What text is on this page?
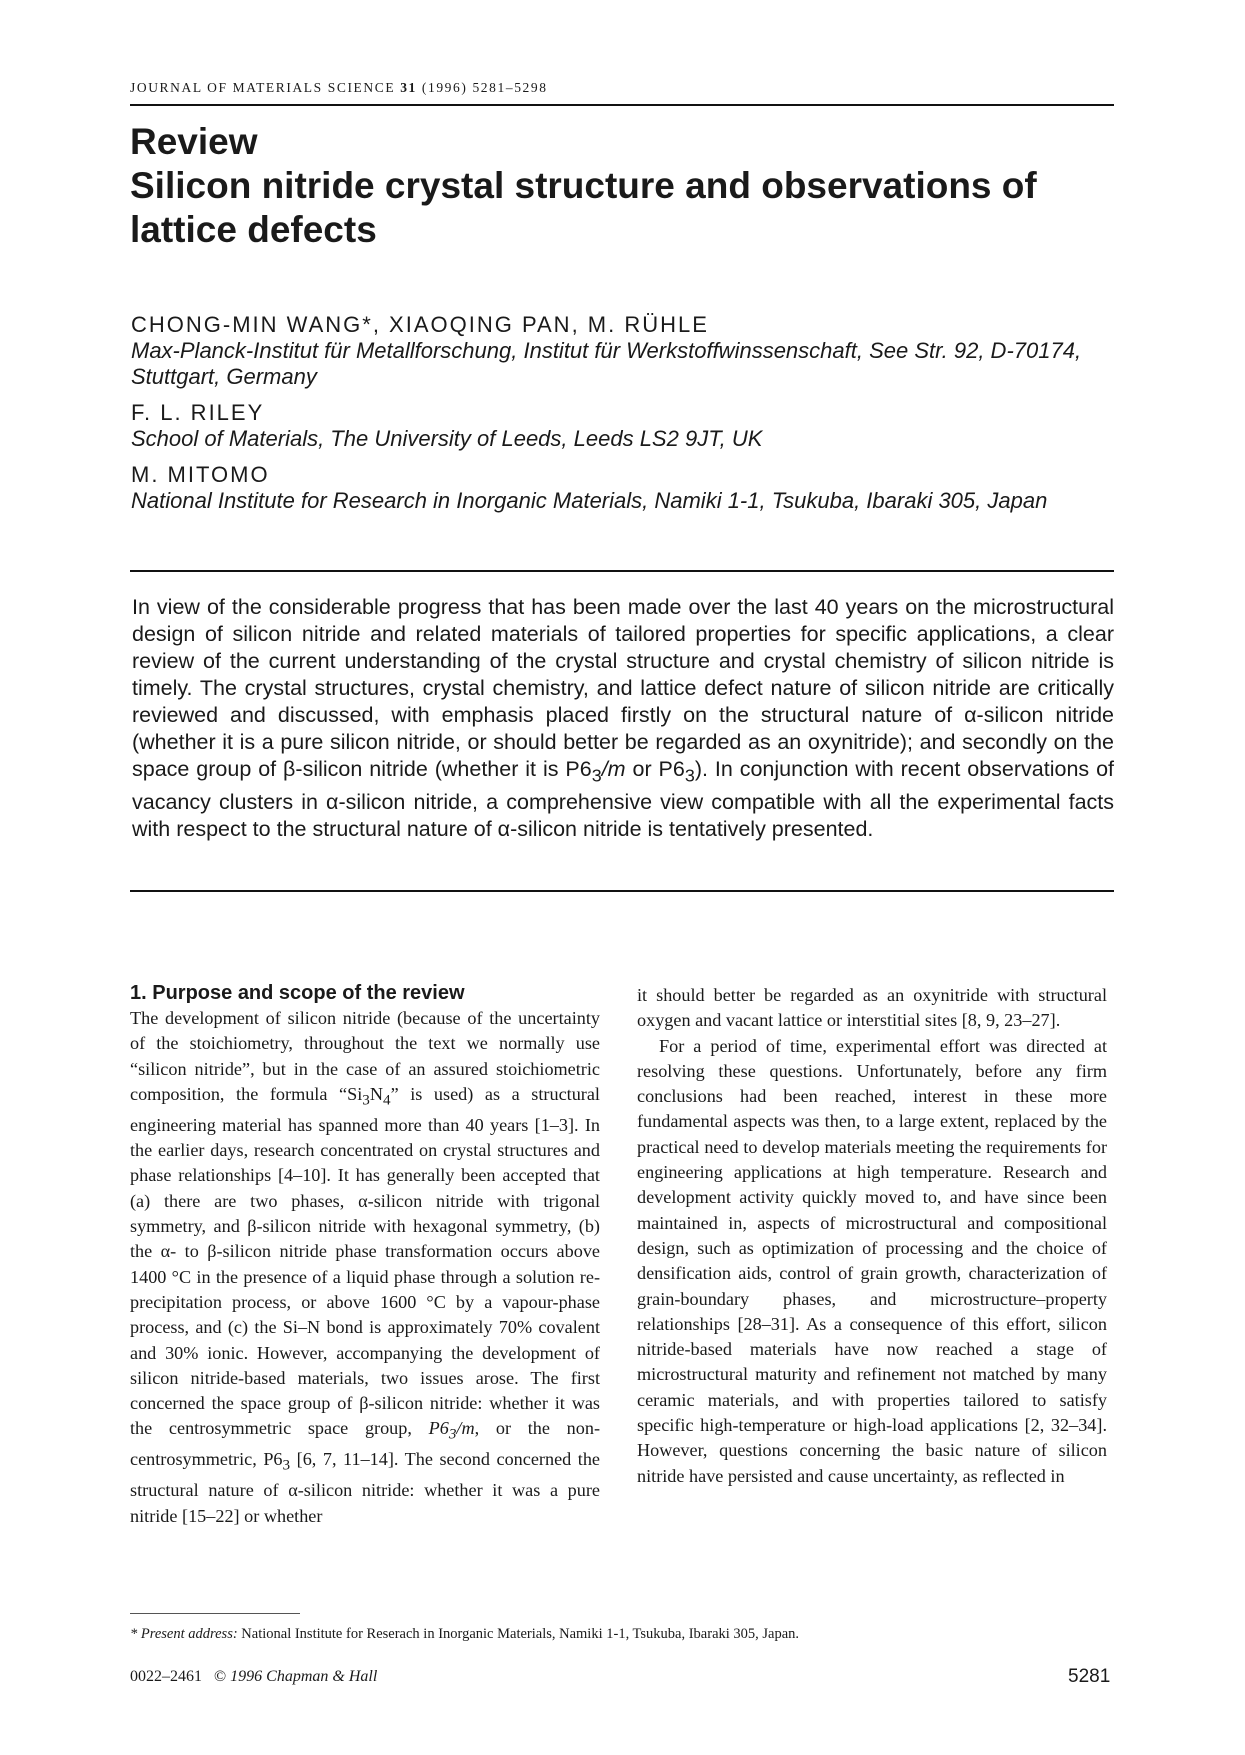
JOURNAL OF MATERIALS SCIENCE 31 (1996) 5281–5298
Review
Silicon nitride crystal structure and observations of lattice defects
CHONG-MIN WANG*, XIAOQING PAN, M. RÜHLE
Max-Planck-Institut für Metallforschung, Institut für Werkstoffwinssenschaft, See Str. 92, D-70174, Stuttgart, Germany
F. L. RILEY
School of Materials, The University of Leeds, Leeds LS2 9JT, UK
M. MITOMO
National Institute for Research in Inorganic Materials, Namiki 1-1, Tsukuba, Ibaraki 305, Japan
In view of the considerable progress that has been made over the last 40 years on the microstructural design of silicon nitride and related materials of tailored properties for specific applications, a clear review of the current understanding of the crystal structure and crystal chemistry of silicon nitride is timely. The crystal structures, crystal chemistry, and lattice defect nature of silicon nitride are critically reviewed and discussed, with emphasis placed firstly on the structural nature of α-silicon nitride (whether it is a pure silicon nitride, or should better be regarded as an oxynitride); and secondly on the space group of β-silicon nitride (whether it is $P6_3/m$ or $P6_3$). In conjunction with recent observations of vacancy clusters in α-silicon nitride, a comprehensive view compatible with all the experimental facts with respect to the structural nature of α-silicon nitride is tentatively presented.
1. Purpose and scope of the review

The development of silicon nitride (because of the uncertainty of the stoichiometry, throughout the text we normally use “silicon nitride”, but in the case of an assured stoichiometric composition, the formula “$Si_3N_4$” is used) as a structural engineering material has spanned more than 40 years [1–3]. In the earlier days, research concentrated on crystal structures and phase relationships [4–10]. It has generally been accepted that (a) there are two phases, α-silicon nitride with trigonal symmetry, and β-silicon nitride with hexagonal symmetry, (b) the α- to β-silicon nitride phase transformation occurs above 1400 °C in the presence of a liquid phase through a solution reprecipitation process, or above 1600 °C by a vapour-phase process, and (c) the Si–N bond is approximately 70% covalent and 30% ionic. However, accompanying the development of silicon nitride-based materials, two issues arose. The first concerned the space group of β-silicon nitride: whether it was the centrosymmetric space group, $P6_3/m$, or the noncentrosymmetric, $P6_3$ [6, 7, 11–14]. The second concerned the structural nature of α-silicon nitride: whether it was a pure nitride [15–22] or whether

it should better be regarded as an oxynitride with structural oxygen and vacant lattice or interstitial sites [8, 9, 23–27].

For a period of time, experimental effort was directed at resolving these questions. Unfortunately, before any firm conclusions had been reached, interest in these more fundamental aspects was then, to a large extent, replaced by the practical need to develop materials meeting the requirements for engineering applications at high temperature. Research and development activity quickly moved to, and have since been maintained in, aspects of microstructural and compositional design, such as optimization of processing and the choice of densification aids, control of grain growth, characterization of grain-boundary phases, and microstructure–property relationships [28–31]. As a consequence of this effort, silicon nitride-based materials have now reached a stage of microstructural maturity and refinement not matched by many ceramic materials, and with properties tailored to satisfy specific high-temperature or high-load applications [2, 32–34]. However, questions concerning the basic nature of silicon nitride have persisted and cause uncertainty, as reflected in

* Present address: National Institute for Reserach in Inorganic Materials, Namiki 1-1, Tsukuba, Ibaraki 305, Japan.
0022–2461 © 1996 Chapman & Hall	5281
